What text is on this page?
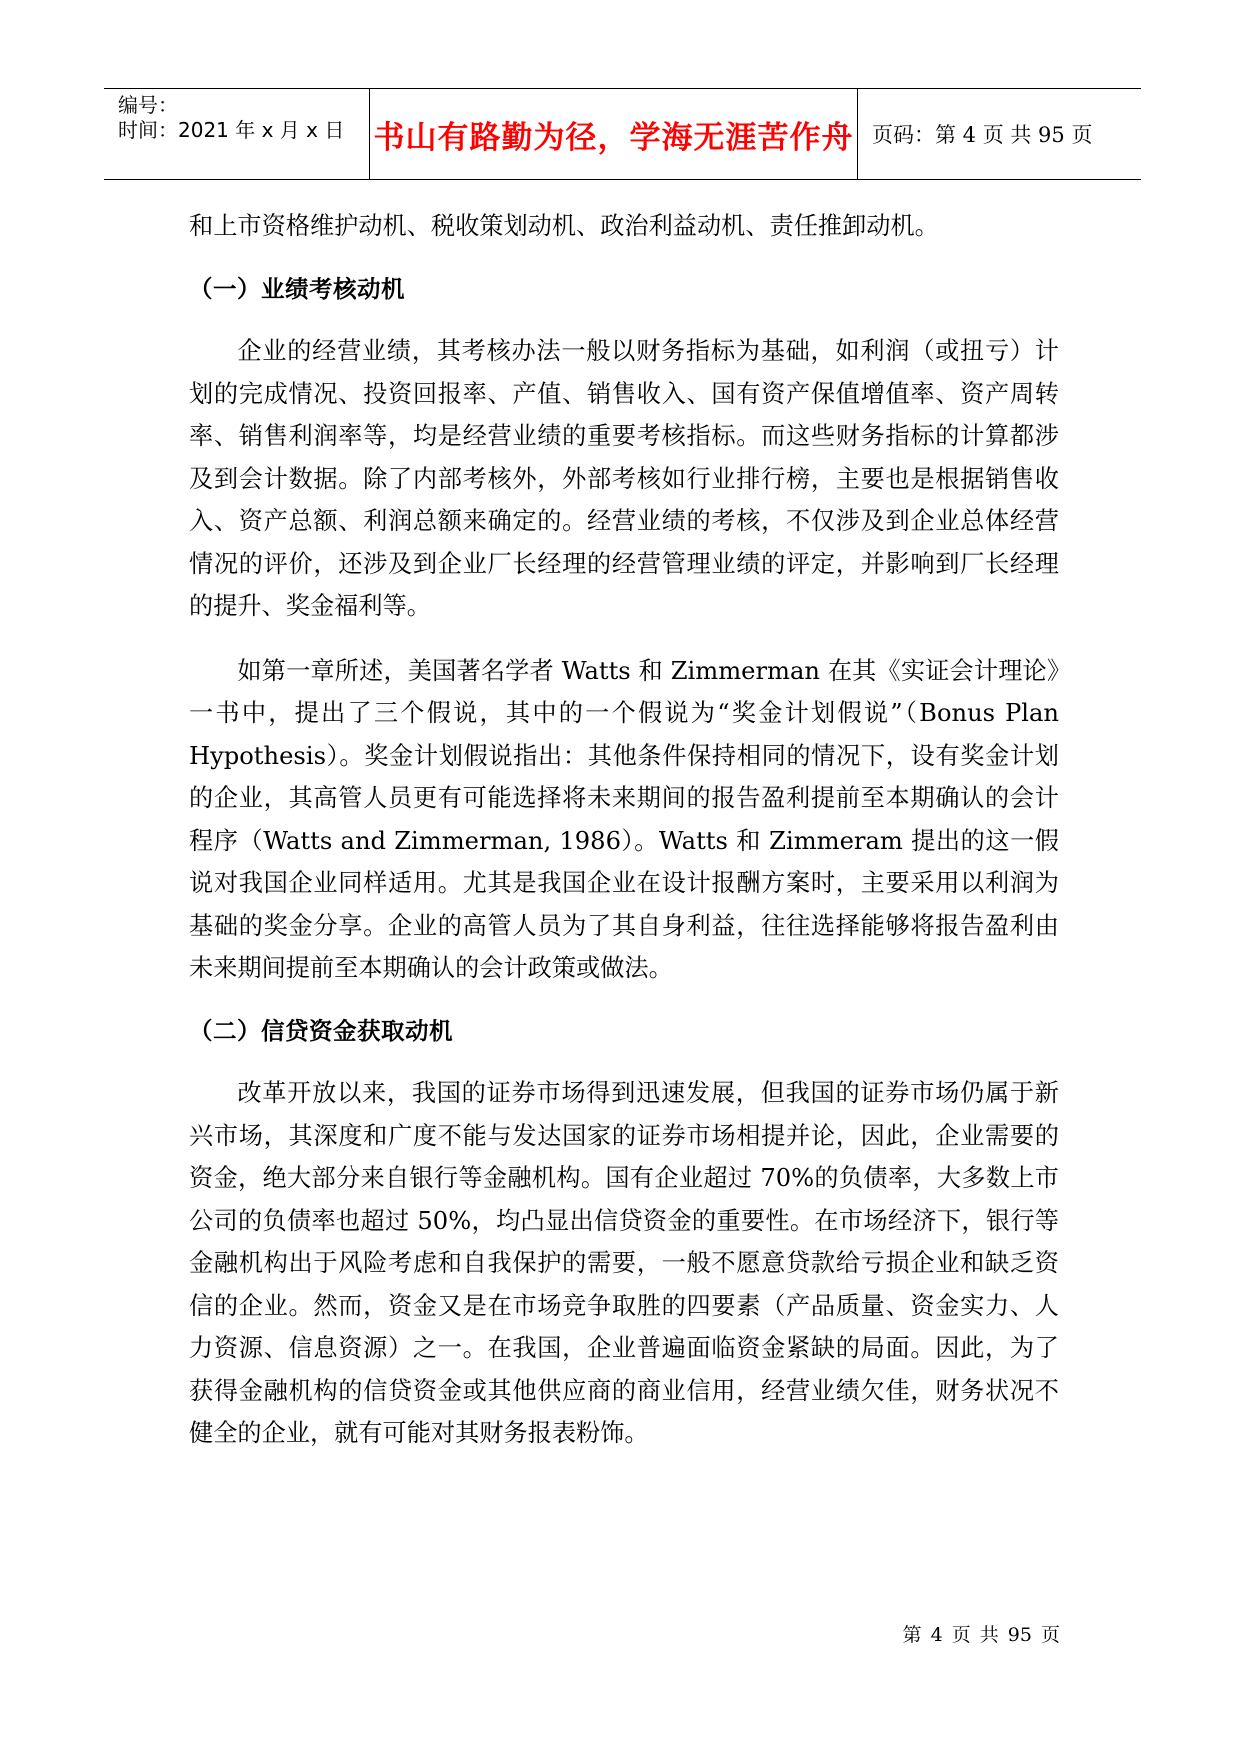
编号：
时间：2021 年 x 月 x 日 书山有路勤为径，学海无涯苦作舟 页码：第 4 页 共 95 页

和上市资格维护动机、税收策划动机、政治利益动机、责任推卸动机。

（一）业绩考核动机

企业的经营业绩，其考核办法一般以财务指标为基础，如利润（或扭亏）计划的完成情况、投资回报率、产值、销售收入、国有资产保值增值率、资产周转率、销售利润率等，均是经营业绩的重要考核指标。而这些财务指标的计算都涉及到会计数据。除了内部考核外，外部考核如行业排行榜，主要也是根据销售收入、资产总额、利润总额来确定的。经营业绩的考核，不仅涉及到企业总体经营情况的评价，还涉及到企业厂长经理的经营管理业绩的评定，并影响到厂长经理的提升、奖金福利等。

如第一章所述，美国著名学者 Watts 和 Zimmerman 在其《实证会计理论》一书中，提出了三个假说，其中的一个假说为“奖金计划假说”（Bonus Plan Hypothesis）。奖金计划假说指出：其他条件保持相同的情况下，设有奖金计划的企业，其高管人员更有可能选择将未来期间的报告盈利提前至本期确认的会计程序（Watts and Zimmerman, 1986）。Watts 和 Zimmeram 提出的这一假说对我国企业同样适用。尤其是我国企业在设计报酬方案时，主要采用以利润为基础的奖金分享。企业的高管人员为了其自身利益，往往选择能够将报告盈利由未来期间提前至本期确认的会计政策或做法。

（二）信贷资金获取动机

改革开放以来，我国的证券市场得到迅速发展，但我国的证券市场仍属于新兴市场，其深度和广度不能与发达国家的证券市场相提并论，因此，企业需要的资金，绝大部分来自银行等金融机构。国有企业超过 70%的负债率，大多数上市公司的负债率也超过 50%，均凸显出信贷资金的重要性。在市场经济下，银行等金融机构出于风险考虑和自我保护的需要，一般不愿意贷款给亏损企业和缺乏资信的企业。然而，资金又是在市场竞争取胜的四要素（产品质量、资金实力、人力资源、信息资源）之一。在我国，企业普遍面临资金紧缺的局面。因此，为了获得金融机构的信贷资金或其他供应商的商业信用，经营业绩欠佳，财务状况不健全的企业，就有可能对其财务报表粉饰。

第 4 页 共 95 页
